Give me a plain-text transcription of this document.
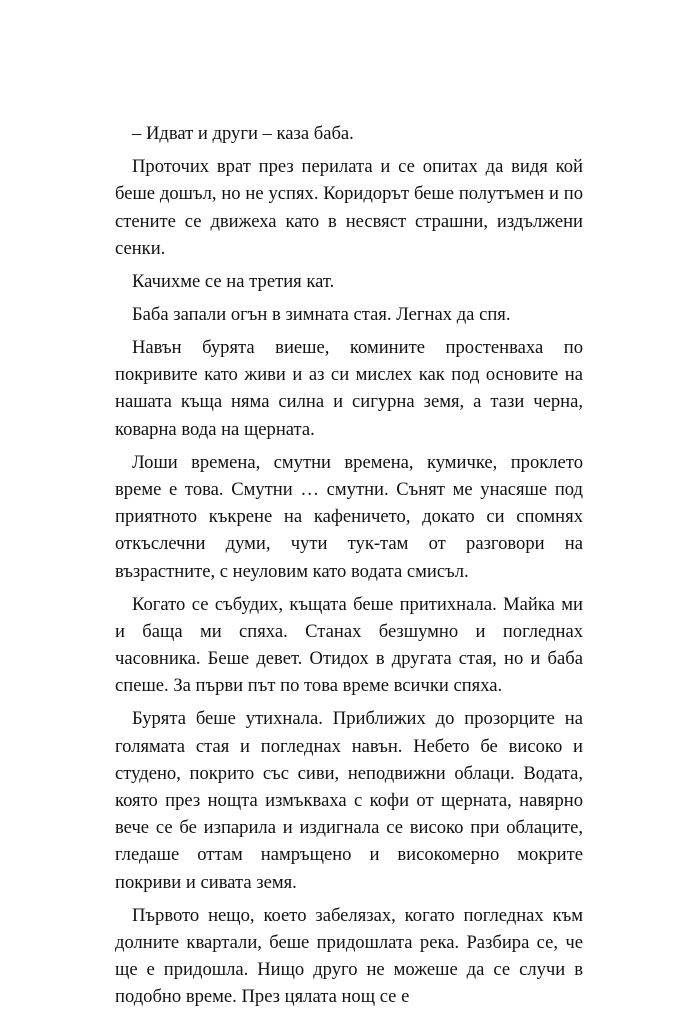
– Идват и други – каза баба.

Проточих врат през перилата и се опитах да видя кой беше дошъл, но не успях. Коридорът беше полутъмен и по стените се движеха като в несвяст страшни, издължени сенки.

Качихме се на третия кат.

Баба запали огън в зимната стая. Легнах да спя.

Навън бурята виеше, комините простенваха по покривите като живи и аз си мислех как под основите на нашата къща няма силна и сигурна земя, а тази черна, коварна вода на щерната.

Лоши времена, смутни времена, кумичке, проклето време е това. Смутни … смутни. Сънят ме унасяше под приятното къкрене на кафеничето, докато си спомнях откъслечни думи, чути тук-там от разговори на възрастните, с неуловим като водата смисъл.

Когато се събудих, къщата беше притихнала. Майка ми и баща ми спяха. Станах безшумно и погледнах часовника. Беше девет. Отидох в другата стая, но и баба спеше. За първи път по това време всички спяха.

Бурята беше утихнала. Приближих до прозорците на голямата стая и погледнах навън. Небето бе високо и студено, покрито със сиви, неподвижни облаци. Водата, която през нощта измъкваха с кофи от щерната, навярно вече се бе изпарила и издигнала се високо при облаците, гледаше оттам намръщено и високомерно мокрите покриви и сивата земя.

Първото нещо, което забелязах, когато погледнах към долните квартали, беше придошлата река. Разбира се, че ще е придошла. Нищо друго не можеше да се случи в подобно време. През цялата нощ се е
